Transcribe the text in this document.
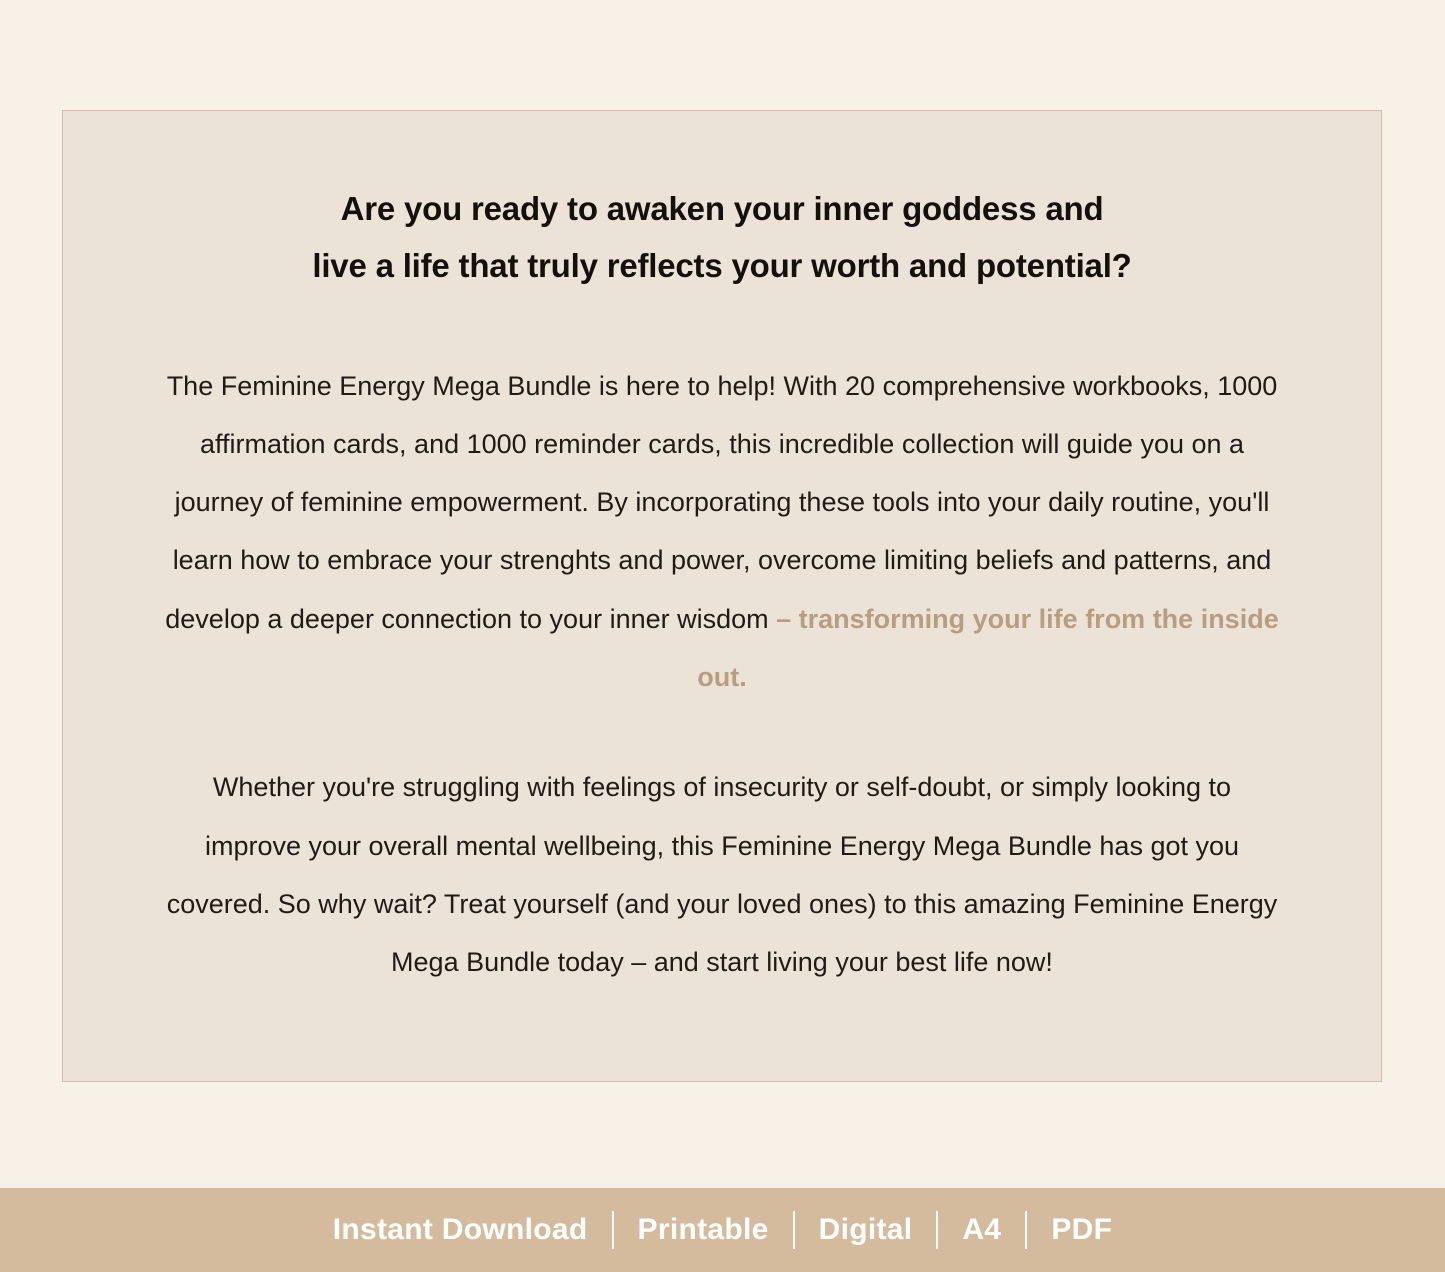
Are you ready to awaken your inner goddess and
live a life that truly reflects your worth and potential?

The Feminine Energy Mega Bundle is here to help! With 20 comprehensive workbooks, 1000 affirmation cards, and 1000 reminder cards, this incredible collection will guide you on a journey of feminine empowerment. By incorporating these tools into your daily routine, you'll learn how to embrace your strenghts and power, overcome limiting beliefs and patterns, and develop a deeper connection to your inner wisdom – transforming your life from the inside out.

Whether you're struggling with feelings of insecurity or self-doubt, or simply looking to improve your overall mental wellbeing, this Feminine Energy Mega Bundle has got you covered. So why wait? Treat yourself (and your loved ones) to this amazing Feminine Energy Mega Bundle today – and start living your best life now!

Instant Download	Printable	Digital	A4	PDF
